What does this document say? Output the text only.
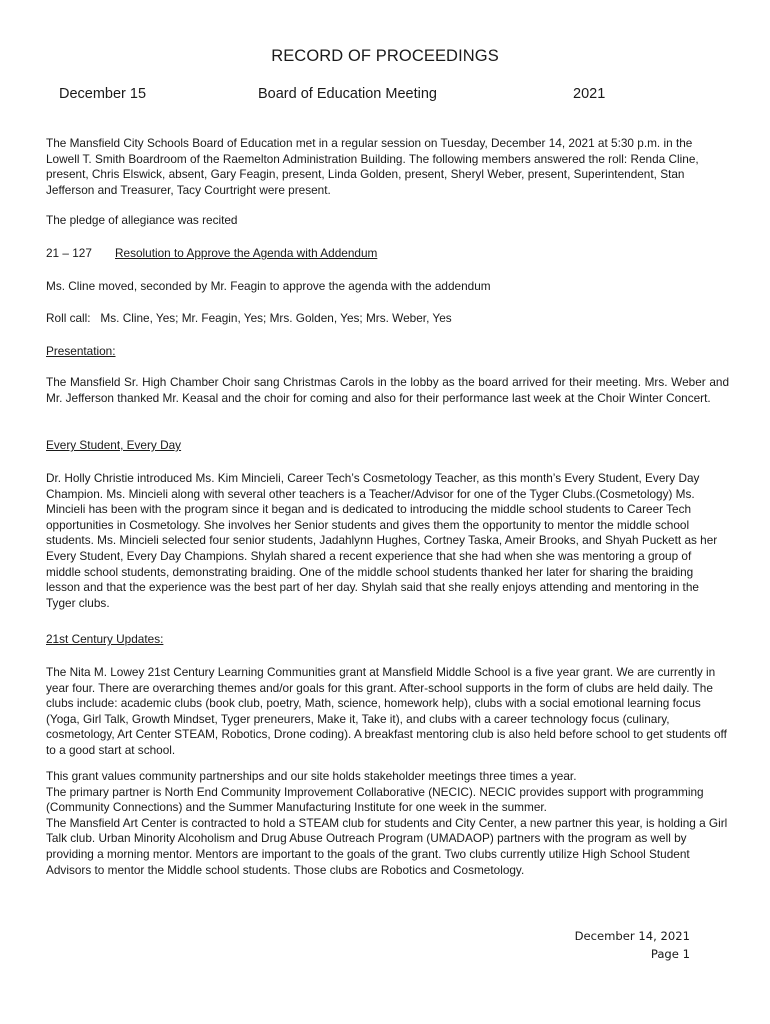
RECORD OF PROCEEDINGS
December 15	Board of Education Meeting	2021

The Mansfield City Schools Board of Education met in a regular session on Tuesday, December 14, 2021 at 5:30 p.m. in the Lowell T. Smith Boardroom of the Raemelton Administration Building. The following members answered the roll: Renda Cline, present, Chris Elswick, absent, Gary Feagin, present, Linda Golden, present, Sheryl Weber, present, Superintendent, Stan Jefferson and Treasurer, Tacy Courtright were present.

The pledge of allegiance was recited

21 – 127 Resolution to Approve the Agenda with Addendum

Ms. Cline moved, seconded by Mr. Feagin to approve the agenda with the addendum

Roll call:   Ms. Cline, Yes; Mr. Feagin, Yes; Mrs. Golden, Yes; Mrs. Weber, Yes

Presentation:

The Mansfield Sr. High Chamber Choir sang Christmas Carols in the lobby as the board arrived for their meeting. Mrs. Weber and Mr. Jefferson thanked Mr. Keasal and the choir for coming and also for their performance last week at the Choir Winter Concert.

Every Student, Every Day

Dr. Holly Christie introduced Ms. Kim Mincieli, Career Tech’s Cosmetology Teacher, as this month’s Every Student, Every Day Champion. Ms. Mincieli along with several other teachers is a Teacher/Advisor for one of the Tyger Clubs.(Cosmetology) Ms. Mincieli has been with the program since it began and is dedicated to introducing the middle school students to Career Tech opportunities in Cosmetology. She involves her Senior students and gives them the opportunity to mentor the middle school students. Ms. Mincieli selected four senior students, Jadahlynn Hughes, Cortney Taska, Ameir Brooks, and Shyah Puckett as her Every Student, Every Day Champions. Shylah shared a recent experience that she had when she was mentoring a group of middle school students, demonstrating braiding. One of the middle school students thanked her later for sharing the braiding lesson and that the experience was the best part of her day. Shylah said that she really enjoys attending and mentoring in the Tyger clubs.

21st Century Updates:

The Nita M. Lowey 21st Century Learning Communities grant at Mansfield Middle School is a five year grant. We are currently in year four. There are overarching themes and/or goals for this grant. After-school supports in the form of clubs are held daily. The clubs include: academic clubs (book club, poetry, Math, science, homework help), clubs with a social emotional learning focus (Yoga, Girl Talk, Growth Mindset, Tyger preneurers, Make it, Take it), and clubs with a career technology focus (culinary, cosmetology, Art Center STEAM, Robotics, Drone coding). A breakfast mentoring club is also held before school to get students off to a good start at school.

This grant values community partnerships and our site holds stakeholder meetings three times a year.
The primary partner is North End Community Improvement Collaborative (NECIC). NECIC provides support with programming (Community Connections) and the Summer Manufacturing Institute for one week in the summer.
The Mansfield Art Center is contracted to hold a STEAM club for students and City Center, a new partner this year, is holding a Girl Talk club. Urban Minority Alcoholism and Drug Abuse Outreach Program (UMADAOP) partners with the program as well by providing a morning mentor. Mentors are important to the goals of the grant. Two clubs currently utilize High School Student Advisors to mentor the Middle school students. Those clubs are Robotics and Cosmetology.
December 14, 2021
Page 1
